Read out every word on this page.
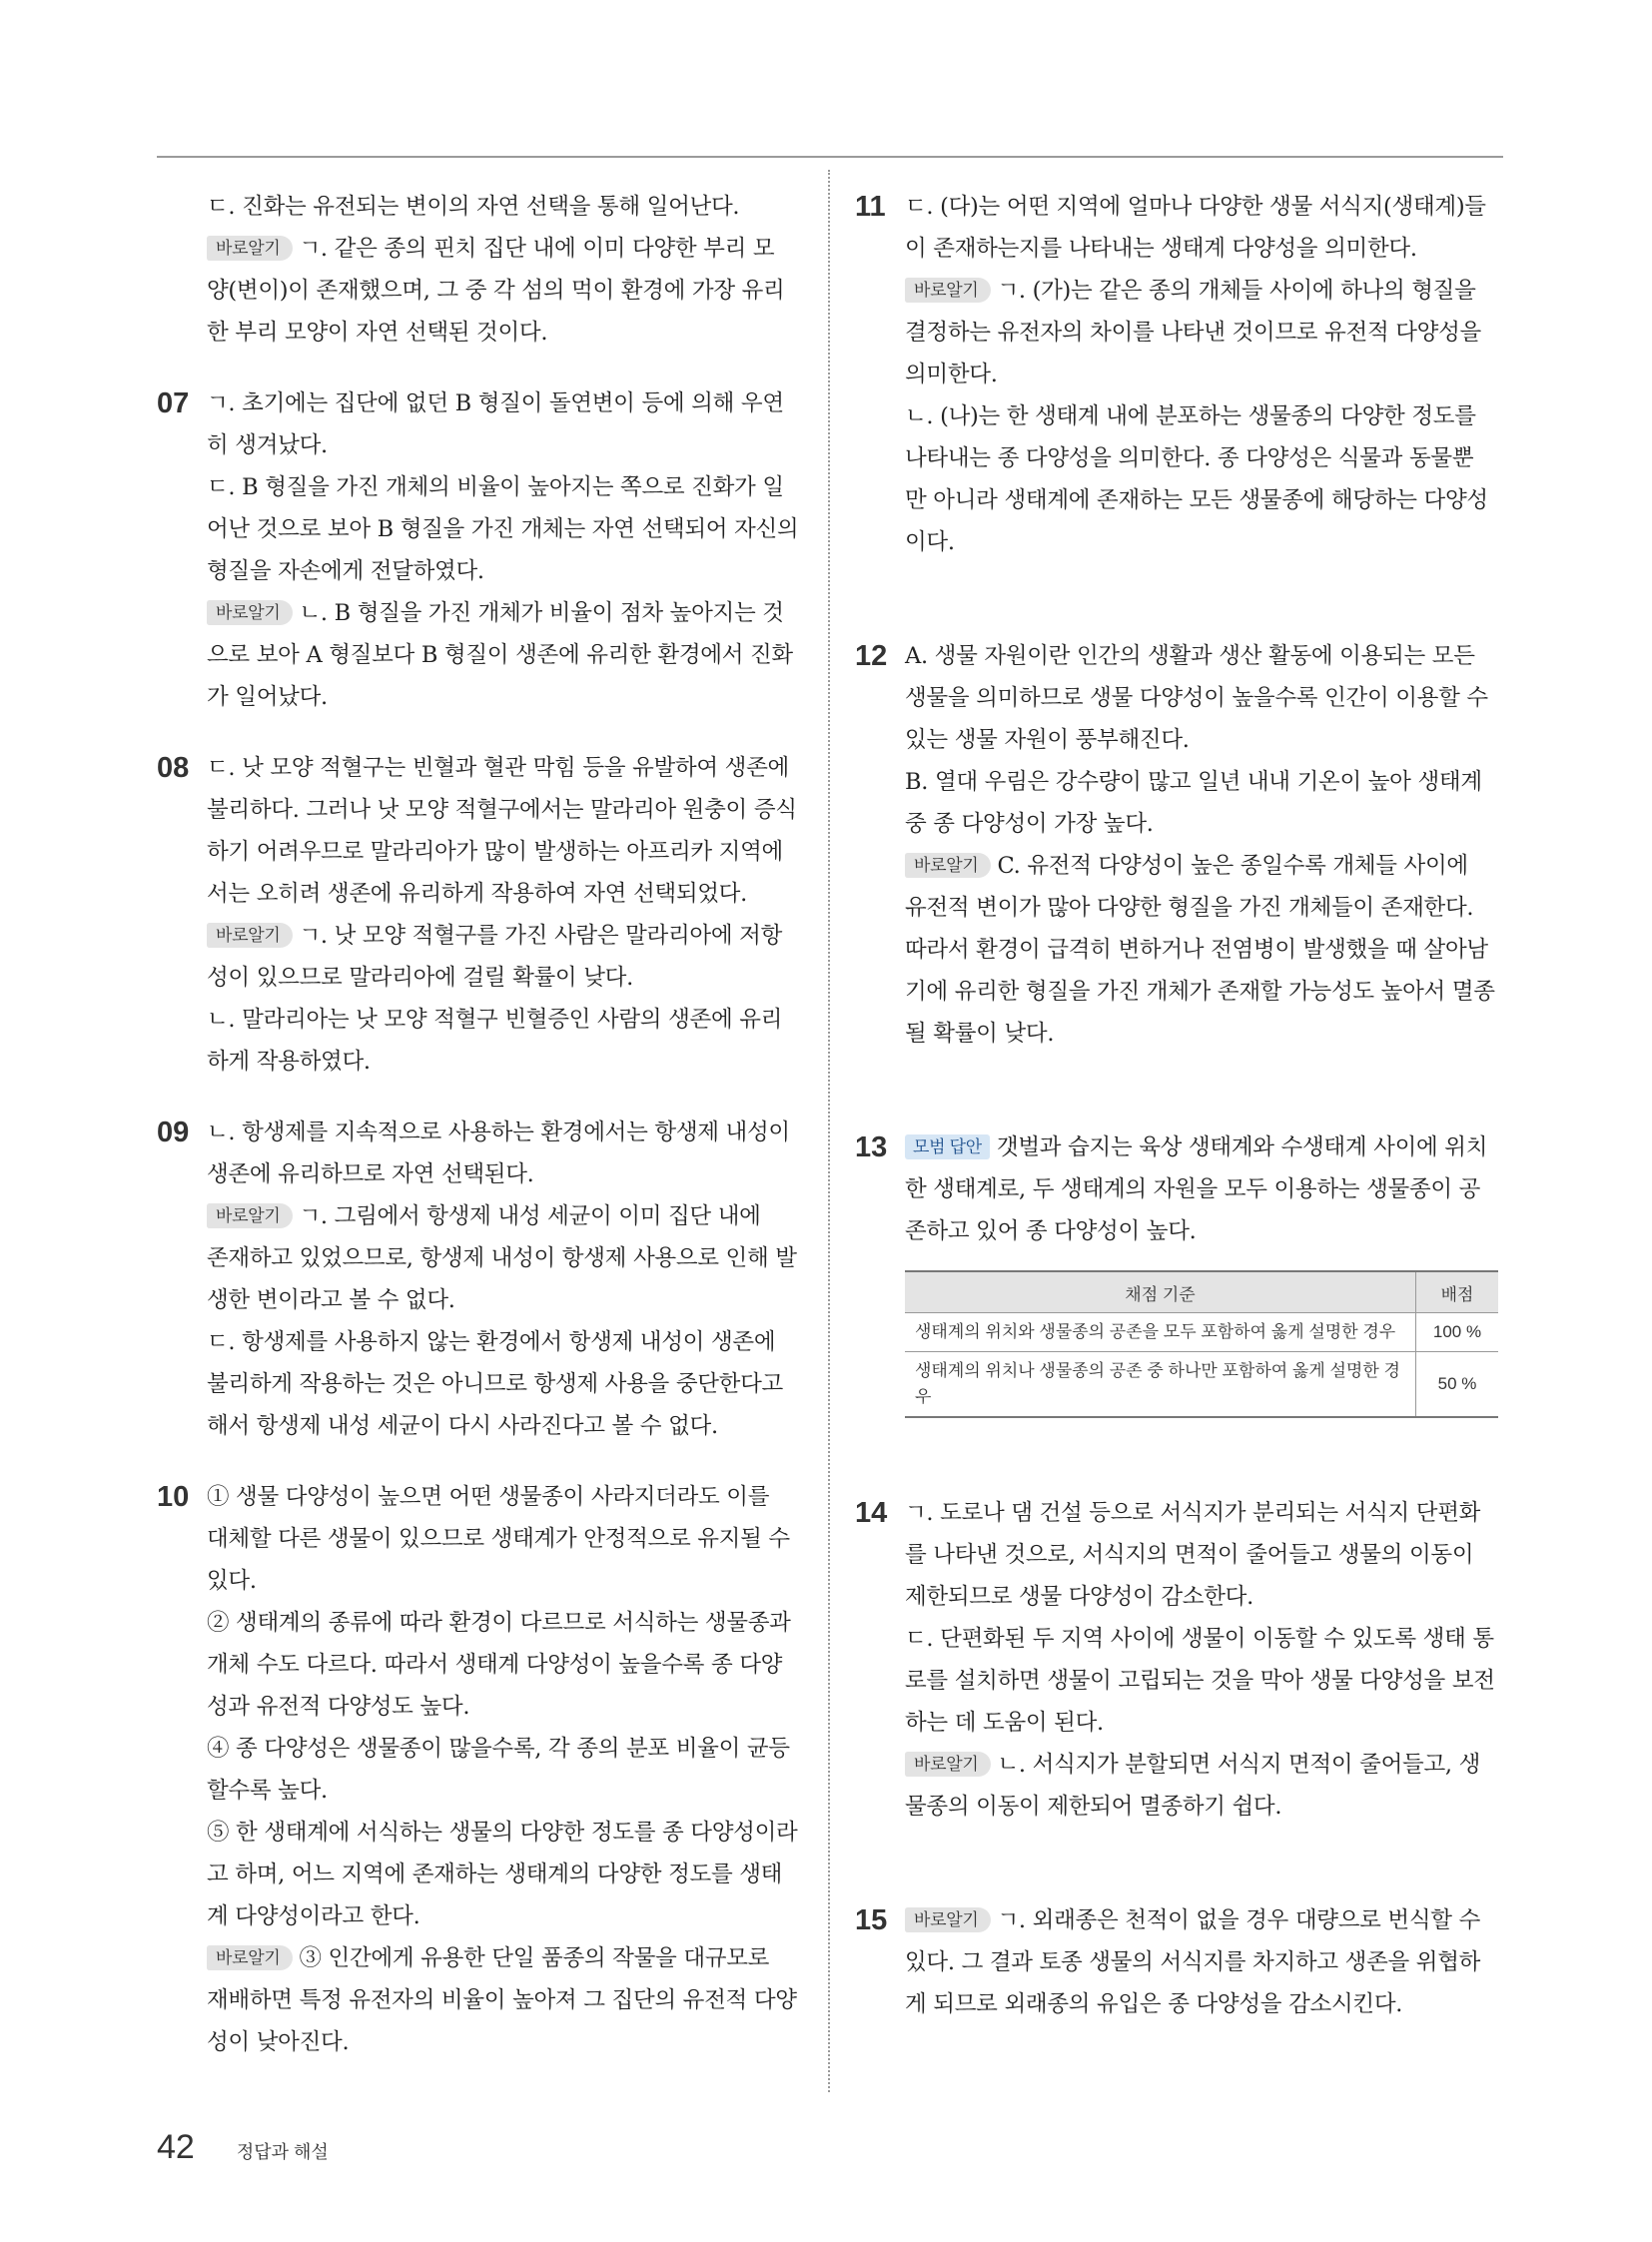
ㄷ. 진화는 유전되는 변이의 자연 선택을 통해 일어난다.
바로알기 ㄱ. 같은 종의 핀치 집단 내에 이미 다양한 부리 모
양(변이)이 존재했으며, 그 중 각 섬의 먹이 환경에 가장 유리
한 부리 모양이 자연 선택된 것이다.
07 ㄱ. 초기에는 집단에 없던 B 형질이 돌연변이 등에 의해 우연
히 생겨났다.
ㄷ. B 형질을 가진 개체의 비율이 높아지는 쪽으로 진화가 일
어난 것으로 보아 B 형질을 가진 개체는 자연 선택되어 자신의
형질을 자손에게 전달하였다.
바로알기 ㄴ. B 형질을 가진 개체가 비율이 점차 높아지는 것
으로 보아 A 형질보다 B 형질이 생존에 유리한 환경에서 진화
가 일어났다.
08 ㄷ. 낫 모양 적혈구는 빈혈과 혈관 막힘 등을 유발하여 생존에
불리하다. 그러나 낫 모양 적혈구에서는 말라리아 원충이 증식
하기 어려우므로 말라리아가 많이 발생하는 아프리카 지역에
서는 오히려 생존에 유리하게 작용하여 자연 선택되었다.
바로알기 ㄱ. 낫 모양 적혈구를 가진 사람은 말라리아에 저항
성이 있으므로 말라리아에 걸릴 확률이 낮다.
ㄴ. 말라리아는 낫 모양 적혈구 빈혈증인 사람의 생존에 유리
하게 작용하였다.
09 ㄴ. 항생제를 지속적으로 사용하는 환경에서는 항생제 내성이
생존에 유리하므로 자연 선택된다.
바로알기 ㄱ. 그림에서 항생제 내성 세균이 이미 집단 내에
존재하고 있었으므로, 항생제 내성이 항생제 사용으로 인해 발
생한 변이라고 볼 수 없다.
ㄷ. 항생제를 사용하지 않는 환경에서 항생제 내성이 생존에
불리하게 작용하는 것은 아니므로 항생제 사용을 중단한다고
해서 항생제 내성 세균이 다시 사라진다고 볼 수 없다.
10 ① 생물 다양성이 높으면 어떤 생물종이 사라지더라도 이를
대체할 다른 생물이 있으므로 생태계가 안정적으로 유지될 수
있다.
② 생태계의 종류에 따라 환경이 다르므로 서식하는 생물종과
개체 수도 다르다. 따라서 생태계 다양성이 높을수록 종 다양
성과 유전적 다양성도 높다.
④ 종 다양성은 생물종이 많을수록, 각 종의 분포 비율이 균등
할수록 높다.
⑤ 한 생태계에 서식하는 생물의 다양한 정도를 종 다양성이라
고 하며, 어느 지역에 존재하는 생태계의 다양한 정도를 생태
계 다양성이라고 한다.
바로알기 ③ 인간에게 유용한 단일 품종의 작물을 대규모로
재배하면 특정 유전자의 비율이 높아져 그 집단의 유전적 다양
성이 낮아진다.
11 ㄷ. (다)는 어떤 지역에 얼마나 다양한 생물 서식지(생태계)들
이 존재하는지를 나타내는 생태계 다양성을 의미한다.
바로알기 ㄱ. (가)는 같은 종의 개체들 사이에 하나의 형질을
결정하는 유전자의 차이를 나타낸 것이므로 유전적 다양성을
의미한다.
ㄴ. (나)는 한 생태계 내에 분포하는 생물종의 다양한 정도를
나타내는 종 다양성을 의미한다. 종 다양성은 식물과 동물뿐
만 아니라 생태계에 존재하는 모든 생물종에 해당하는 다양성
이다.
12 A. 생물 자원이란 인간의 생활과 생산 활동에 이용되는 모든
생물을 의미하므로 생물 다양성이 높을수록 인간이 이용할 수
있는 생물 자원이 풍부해진다.
B. 열대 우림은 강수량이 많고 일년 내내 기온이 높아 생태계
중 종 다양성이 가장 높다.
바로알기 C. 유전적 다양성이 높은 종일수록 개체들 사이에
유전적 변이가 많아 다양한 형질을 가진 개체들이 존재한다.
따라서 환경이 급격히 변하거나 전염병이 발생했을 때 살아남
기에 유리한 형질을 가진 개체가 존재할 가능성도 높아서 멸종
될 확률이 낮다.
13	모범 답안 갯벌과 습지는 육상 생태계와 수생태계 사이에 위치
한 생태계로, 두 생태계의 자원을 모두 이용하는 생물종이 공
존하고 있어 종 다양성이 높다.
채점 기준	배점
생태계의 위치와 생물종의 공존을 모두 포함하여 옳게 설명한 경우	100 %
생태계의 위치나 생물종의 공존 중 하나만 포함하여 옳게 설명한 경우	50 %
14 ㄱ. 도로나 댐 건설 등으로 서식지가 분리되는 서식지 단편화
를 나타낸 것으로, 서식지의 면적이 줄어들고 생물의 이동이
제한되므로 생물 다양성이 감소한다.
ㄷ. 단편화된 두 지역 사이에 생물이 이동할 수 있도록 생태 통
로를 설치하면 생물이 고립되는 것을 막아 생물 다양성을 보전
하는 데 도움이 된다.
바로알기 ㄴ. 서식지가 분할되면 서식지 면적이 줄어들고, 생
물종의 이동이 제한되어 멸종하기 쉽다.
15	바로알기 ㄱ. 외래종은 천적이 없을 경우 대량으로 번식할 수
있다. 그 결과 토종 생물의 서식지를 차지하고 생존을 위협하
게 되므로 외래종의 유입은 종 다양성을 감소시킨다.
42 정답과 해설
